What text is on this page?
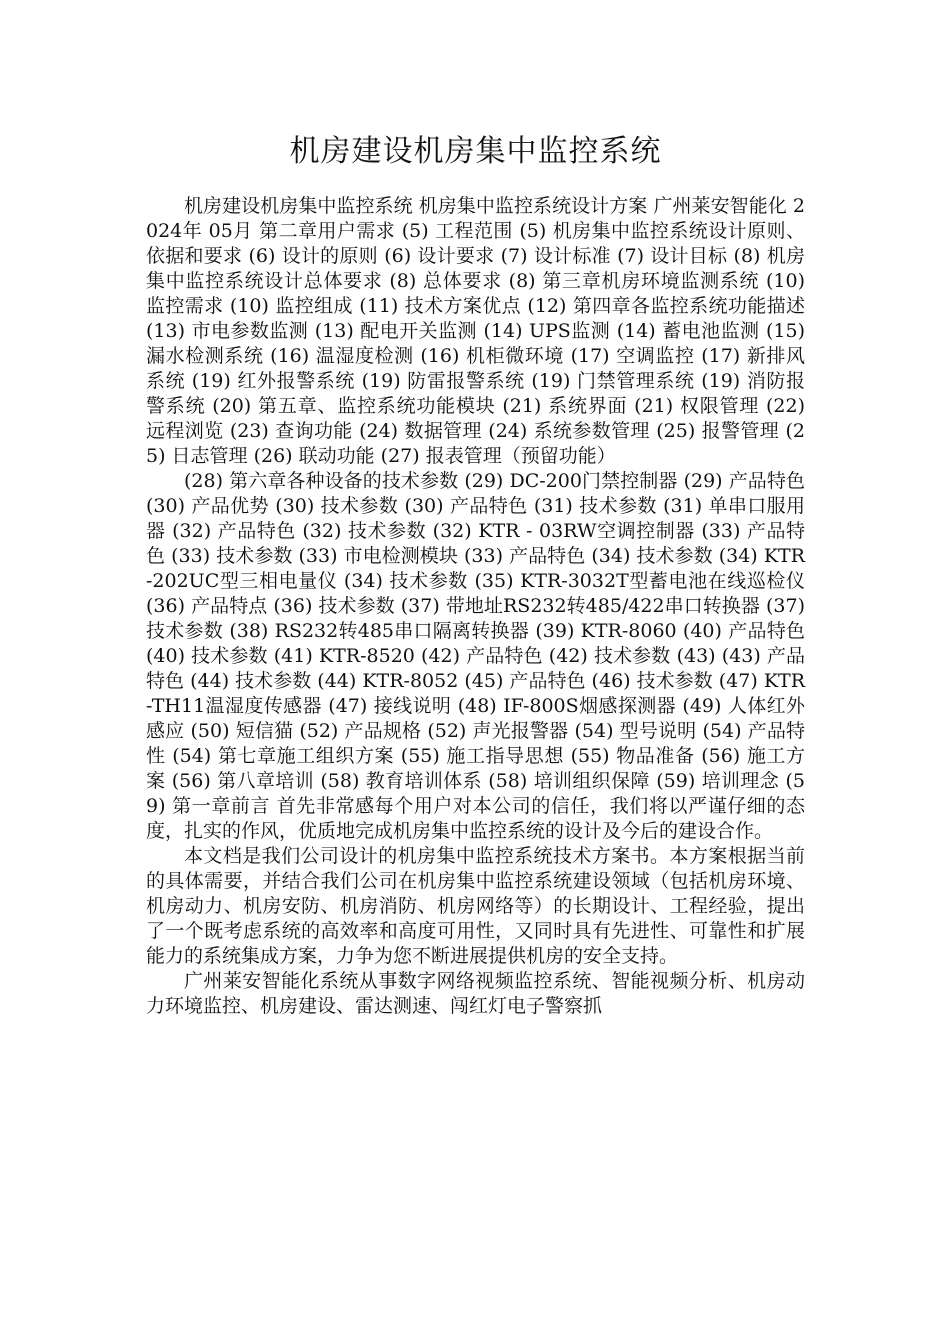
机房建设机房集中监控系统

机房建设机房集中监控系统 机房集中监控系统设计方案 广州莱安智能化 2024年 05月 第二章用户需求 (5) 工程范围 (5) 机房集中监控系统设计原则、依据和要求 (6) 设计的原则 (6) 设计要求 (7) 设计标准 (7) 设计目标 (8) 机房集中监控系统设计总体要求 (8) 总体要求 (8) 第三章机房环境监测系统 (10) 监控需求 (10) 监控组成 (11) 技术方案优点 (12) 第四章各监控系统功能描述 (13) 市电参数监测 (13) 配电开关监测 (14) UPS监测 (14) 蓄电池监测 (15) 漏水检测系统 (16) 温湿度检测 (16) 机柜微环境 (17) 空调监控 (17) 新排风系统 (19) 红外报警系统 (19) 防雷报警系统 (19) 门禁管理系统 (19) 消防报警系统 (20) 第五章、监控系统功能模块 (21) 系统界面 (21) 权限管理 (22) 远程浏览 (23) 查询功能 (24) 数据管理 (24) 系统参数管理 (25) 报警管理 (25) 日志管理 (26) 联动功能 (27) 报表管理（预留功能）

(28) 第六章各种设备的技术参数 (29) DC-200门禁控制器 (29) 产品特色 (30) 产品优势 (30) 技术参数 (30) 产品特色 (31) 技术参数 (31) 单串口服用器 (32) 产品特色 (32) 技术参数 (32) KTR - 03RW空调控制器 (33) 产品特色 (33) 技术参数 (33) 市电检测模块 (33) 产品特色 (34) 技术参数 (34) KTR-202UC型三相电量仪 (34) 技术参数 (35) KTR-3032T型蓄电池在线巡检仪 (36) 产品特点 (36) 技术参数 (37) 带地址RS232转485/422串口转换器 (37) 技术参数 (38) RS232转485串口隔离转换器 (39) KTR-8060 (40) 产品特色 (40) 技术参数 (41) KTR-8520 (42) 产品特色 (42) 技术参数 (43) (43) 产品特色 (44) 技术参数 (44) KTR-8052 (45) 产品特色 (46) 技术参数 (47) KTR-TH11温湿度传感器 (47) 接线说明 (48) IF-800S烟感探测器 (49) 人体红外感应 (50) 短信猫 (52) 产品规格 (52) 声光报警器 (54) 型号说明 (54) 产品特性 (54) 第七章施工组织方案 (55) 施工指导思想 (55) 物品准备 (56) 施工方案 (56) 第八章培训 (58) 教育培训体系 (58) 培训组织保障 (59) 培训理念 (59) 第一章前言 首先非常感每个用户对本公司的信任，我们将以严谨仔细的态度，扎实的作风，优质地完成机房集中监控系统的设计及今后的建设合作。

本文档是我们公司设计的机房集中监控系统技术方案书。本方案根据当前的具体需要，并结合我们公司在机房集中监控系统建设领域（包括机房环境、机房动力、机房安防、机房消防、机房网络等）的长期设计、工程经验，提出了一个既考虑系统的高效率和高度可用性，又同时具有先进性、可靠性和扩展能力的系统集成方案，力争为您不断进展提供机房的安全支持。

广州莱安智能化系统从事数字网络视频监控系统、智能视频分析、机房动力环境监控、机房建设、雷达测速、闯红灯电子警察抓
